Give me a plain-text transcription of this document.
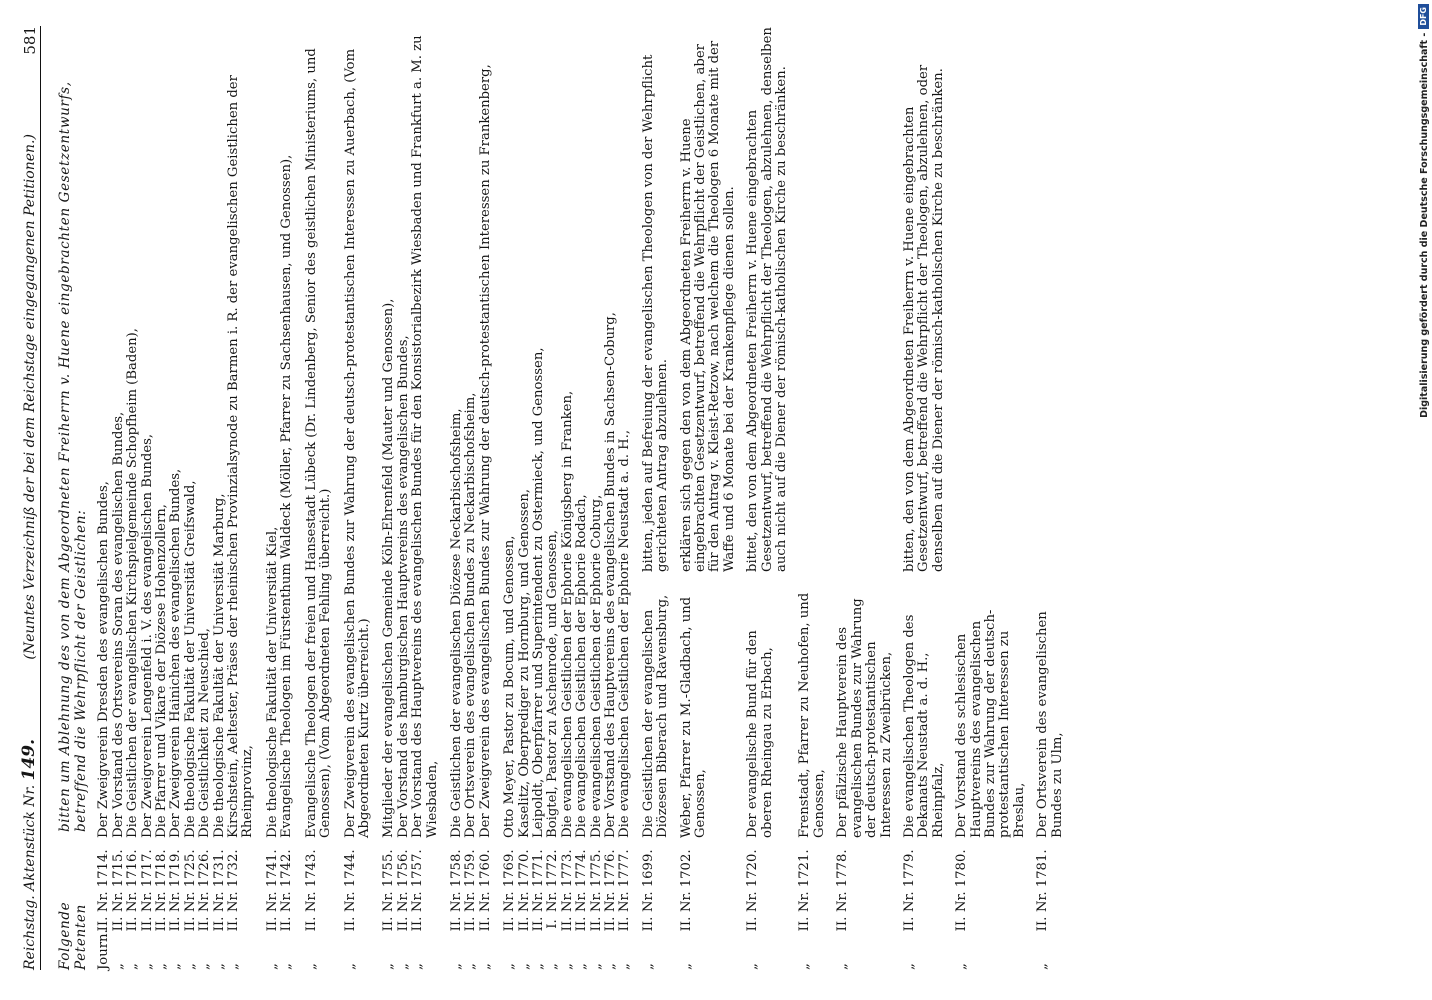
Reichstag. Aktenstück Nr. 149.
(Neuntes Verzeichniß der bei dem Reichstage eingegangenen Petitionen.)
581
Folgende Petenten
bitten um Ablehnung des von dem Abgeordneten Freiherrn v. Huene eingebrachten Gesetzentwurfs, betreffend die Wehrpflicht der Geistlichen:
Journ.
II.
Nr. 1714.
Der Zweigverein Dresden des evangelischen Bundes,
„
II.
Nr. 1715.
Der Vorstand des Ortsvereins Soran des evangelischen Bundes,
„
II.
Nr. 1716.
Die Geistlichen der evangelischen Kirchspielgemeinde Schopfheim (Baden),
„
II.
Nr. 1717.
Der Zweigverein Lengenfeld i. V. des evangelischen Bundes,
„
II.
Nr. 1718.
Die Pfarrer und Vikare der Diözese Hohenzollern,
„
II.
Nr. 1719.
Der Zweigverein Hainichen des evangelischen Bundes,
„
II.
Nr. 1725.
Die theologische Fakultät der Universität Greifswald,
„
II.
Nr. 1726.
Die Geistlichkeit zu Neuschied,
„
II.
Nr. 1731.
Die theologische Fakultät der Universität Marburg,
„
II.
Nr. 1732.
Kirschstein, Aeltester, Präses der rheinischen Provinzialsynode zu Barmen i. R. der evangelischen Geistlichen der Rheinprovinz,
„
II.
Nr. 1741.
Die theologische Fakultät der Universität Kiel,
„
II.
Nr. 1742.
Evangelische Theologen im Fürstenthum Waldeck (Möller, Pfarrer zu Sachsenhausen, und Genossen),
„
II.
Nr. 1743.
Evangelische Theologen der freien und Hansestadt Lübeck (Dr. Lindenberg, Senior des geistlichen Ministeriums, und Genossen), (Vom Abgeordneten Fehling überreicht.)
„
II.
Nr. 1744.
Der Zweigverein des evangelischen Bundes zur Wahrung der deutsch-protestantischen Interessen zu Auerbach, (Vom Abgeordneten Kurtz überreicht.)
„
II.
Nr. 1755.
Mitglieder der evangelischen Gemeinde Köln-Ehrenfeld (Mauter und Genossen),
„
II.
Nr. 1756.
Der Vorstand des hamburgischen Hauptvereins des evangelischen Bundes,
„
II.
Nr. 1757.
Der Vorstand des Hauptvereins des evangelischen Bundes für den Konsistorialbezirk Wiesbaden und Frankfurt a. M. zu Wiesbaden,
„
II.
Nr. 1758.
Die Geistlichen der evangelischen Diözese Neckarbischofsheim,
„
II.
Nr. 1759.
Der Ortsverein des evangelischen Bundes zu Neckarbischofsheim,
„
II.
Nr. 1760.
Der Zweigverein des evangelischen Bundes zur Wahrung der deutsch-protestantischen Interessen zu Frankenberg,
„
II.
Nr. 1769.
Otto Meyer, Pastor zu Bocum, und Genossen,
„
II.
Nr. 1770.
Kaselitz, Oberprediger zu Hornburg, und Genossen,
„
II.
Nr. 1771.
Leipoldt, Oberpfarrer und Superintendent zu Ostermieck, und Genossen,
„
I.
Nr. 1772.
Boigtel, Pastor zu Aschenrode, und Genossen,
„
II.
Nr. 1773.
Die evangelischen Geistlichen der Ephorie Königsberg in Franken,
„
II.
Nr. 1774.
Die evangelischen Geistlichen der Ephorie Rodach,
„
II.
Nr. 1775.
Die evangelischen Geistlichen der Ephorie Coburg,
„
II.
Nr. 1776.
Der Vorstand des Hauptvereins des evangelischen Bundes in Sachsen-Coburg,
„
II.
Nr. 1777.
Die evangelischen Geistlichen der Ephorie Neustadt a. d. H.,
„
II.
Nr. 1699.
Die Geistlichen der evangelischen Diözesen Biberach und Ravensburg,
bitten, jeden auf Befreiung der evangelischen Theologen von der Wehrpflicht gerichteten Antrag abzulehnen.
„
II.
Nr. 1702.
Weber, Pfarrer zu M.-Gladbach, und Genossen,
erklären sich gegen den von dem Abgeordneten Freiherrn v. Huene eingebrachten Gesetzentwurf, betreffend die Wehrpflicht der Geistlichen, aber für den Antrag v. Kleist-Retzow, nach welchem die Theologen 6 Monate mit der Waffe und 6 Monate bei der Krankenpflege dienen sollen.
„
II.
Nr. 1720.
Der evangelische Bund für den oberen Rheingau zu Erbach,
bittet, den von dem Abgeordneten Freiherrn v. Huene eingebrachten Gesetzentwurf, betreffend die Wehrpflicht der Theologen, abzulehnen, denselben auch nicht auf die Diener der römisch-katholischen Kirche zu beschränken.
„
II.
Nr. 1721.
Frenstadt, Pfarrer zu Neuhofen, und Genossen,
„
II.
Nr. 1778.
Der pfälzische Hauptverein des evangelischen Bundes zur Wahrung der deutsch-protestantischen Interessen zu Zweibrücken,
„
II.
Nr. 1779.
Die evangelischen Theologen des Dekanats Neustadt a. d. H., Rheinpfalz,
bitten, den von dem Abgeordneten Freiherrn v. Huene eingebrachten Gesetzentwurf, betreffend die Wehrpflicht der Theologen, abzulehnen, oder denselben auf die Diener der römisch-katholischen Kirche zu beschränken.
„
II.
Nr. 1780.
Der Vorstand des schlesischen Hauptvereins des evangelischen Bundes zur Wahrung der deutsch-protestantischen Interessen zu Breslau,
„
II.
Nr. 1781.
Der Ortsverein des evangelischen Bundes zu Ulm,
Digitalisierung gefördert durch die Deutsche Forschungsgemeinschaft -DFG
